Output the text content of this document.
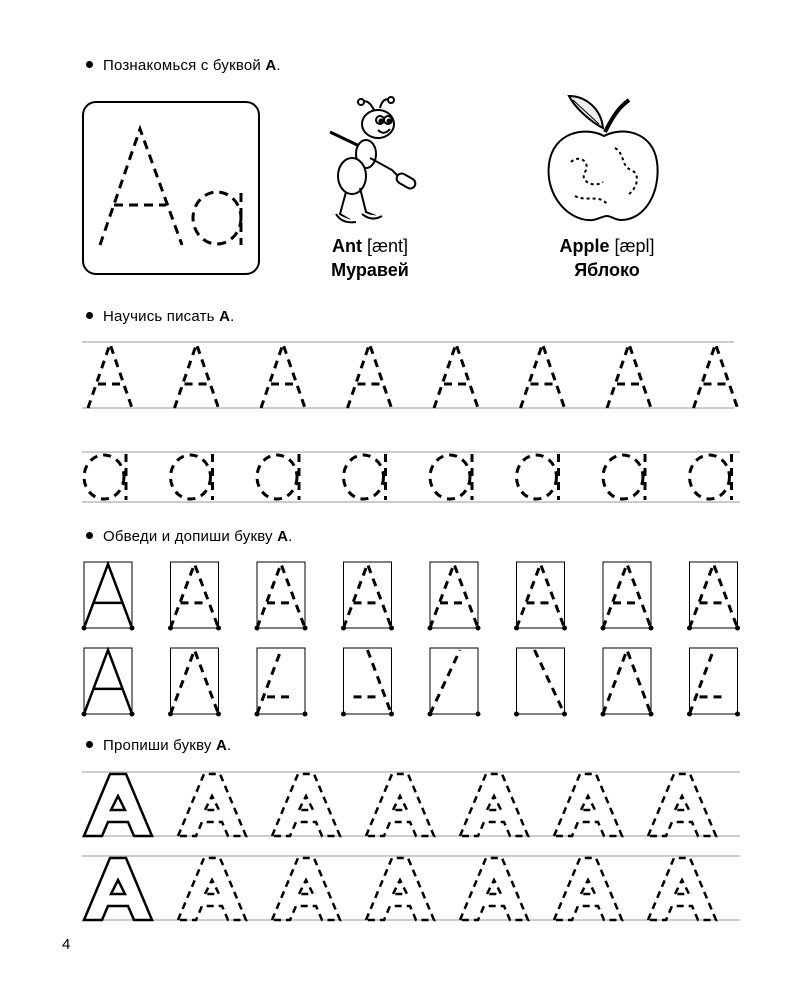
Познакомься с буквой А.
Ant [ænt]
Муравей
Apple [æpl]
Яблоко
Научись писать А.
Обведи и допиши букву А.
Пропиши букву А.
4
